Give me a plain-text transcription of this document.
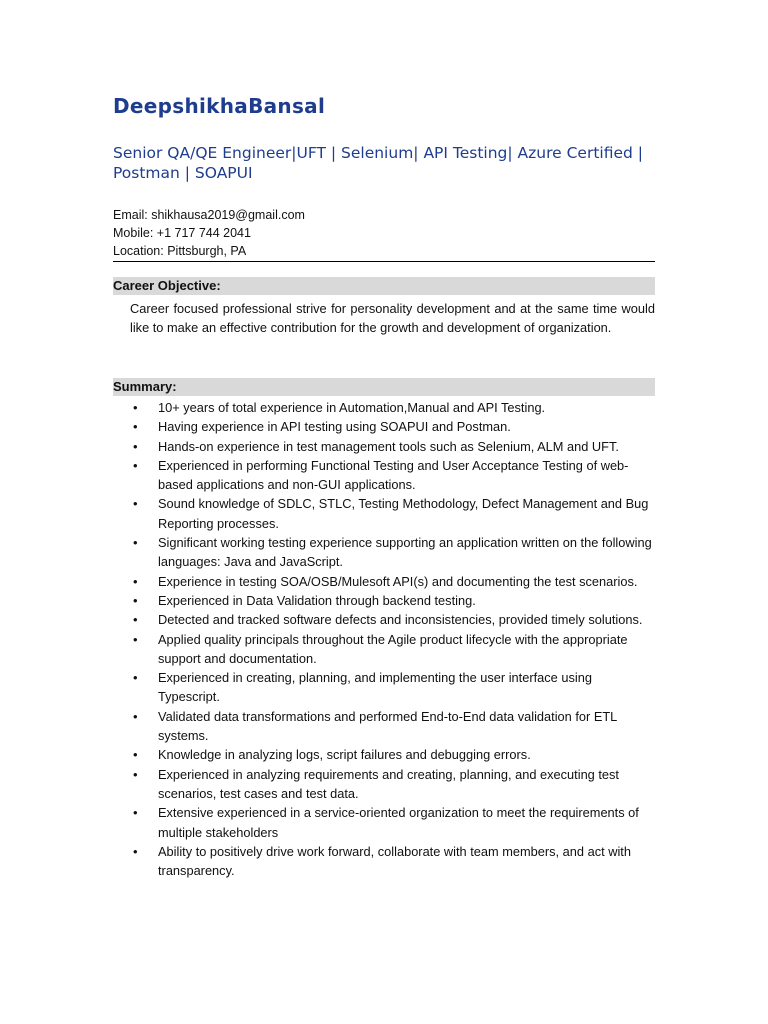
DeepshikhaBansal
Senior QA/QE Engineer|UFT | Selenium| API Testing| Azure Certified | Postman | SOAPUI
Email: shikhausa2019@gmail.com
Mobile: +1 717 744 2041
Location: Pittsburgh, PA
Career Objective:
Career focused professional strive for personality development and at the same time would like to make an effective contribution for the growth and development of organization.
Summary:
• 10+ years of total experience in Automation,Manual and API Testing.
• Having experience in API testing using SOAPUI and Postman.
• Hands-on experience in test management tools such as Selenium, ALM and UFT.
• Experienced in performing Functional Testing and User Acceptance Testing of web-based applications and non-GUI applications.
• Sound knowledge of SDLC, STLC, Testing Methodology, Defect Management and Bug Reporting processes.
• Significant working testing experience supporting an application written on the following languages: Java and JavaScript.
• Experience in testing SOA/OSB/Mulesoft API(s) and documenting the test scenarios.
• Experienced in Data Validation through backend testing.
• Detected and tracked software defects and inconsistencies, provided timely solutions.
• Applied quality principals throughout the Agile product lifecycle with the appropriate support and documentation.
• Experienced in creating, planning, and implementing the user interface using Typescript.
• Validated data transformations and performed End-to-End data validation for ETL systems.
• Knowledge in analyzing logs, script failures and debugging errors.
• Experienced in analyzing requirements and creating, planning, and executing test scenarios, test cases and test data.
• Extensive experienced in a service-oriented organization to meet the requirements of multiple stakeholders
• Ability to positively drive work forward, collaborate with team members, and act with transparency.
